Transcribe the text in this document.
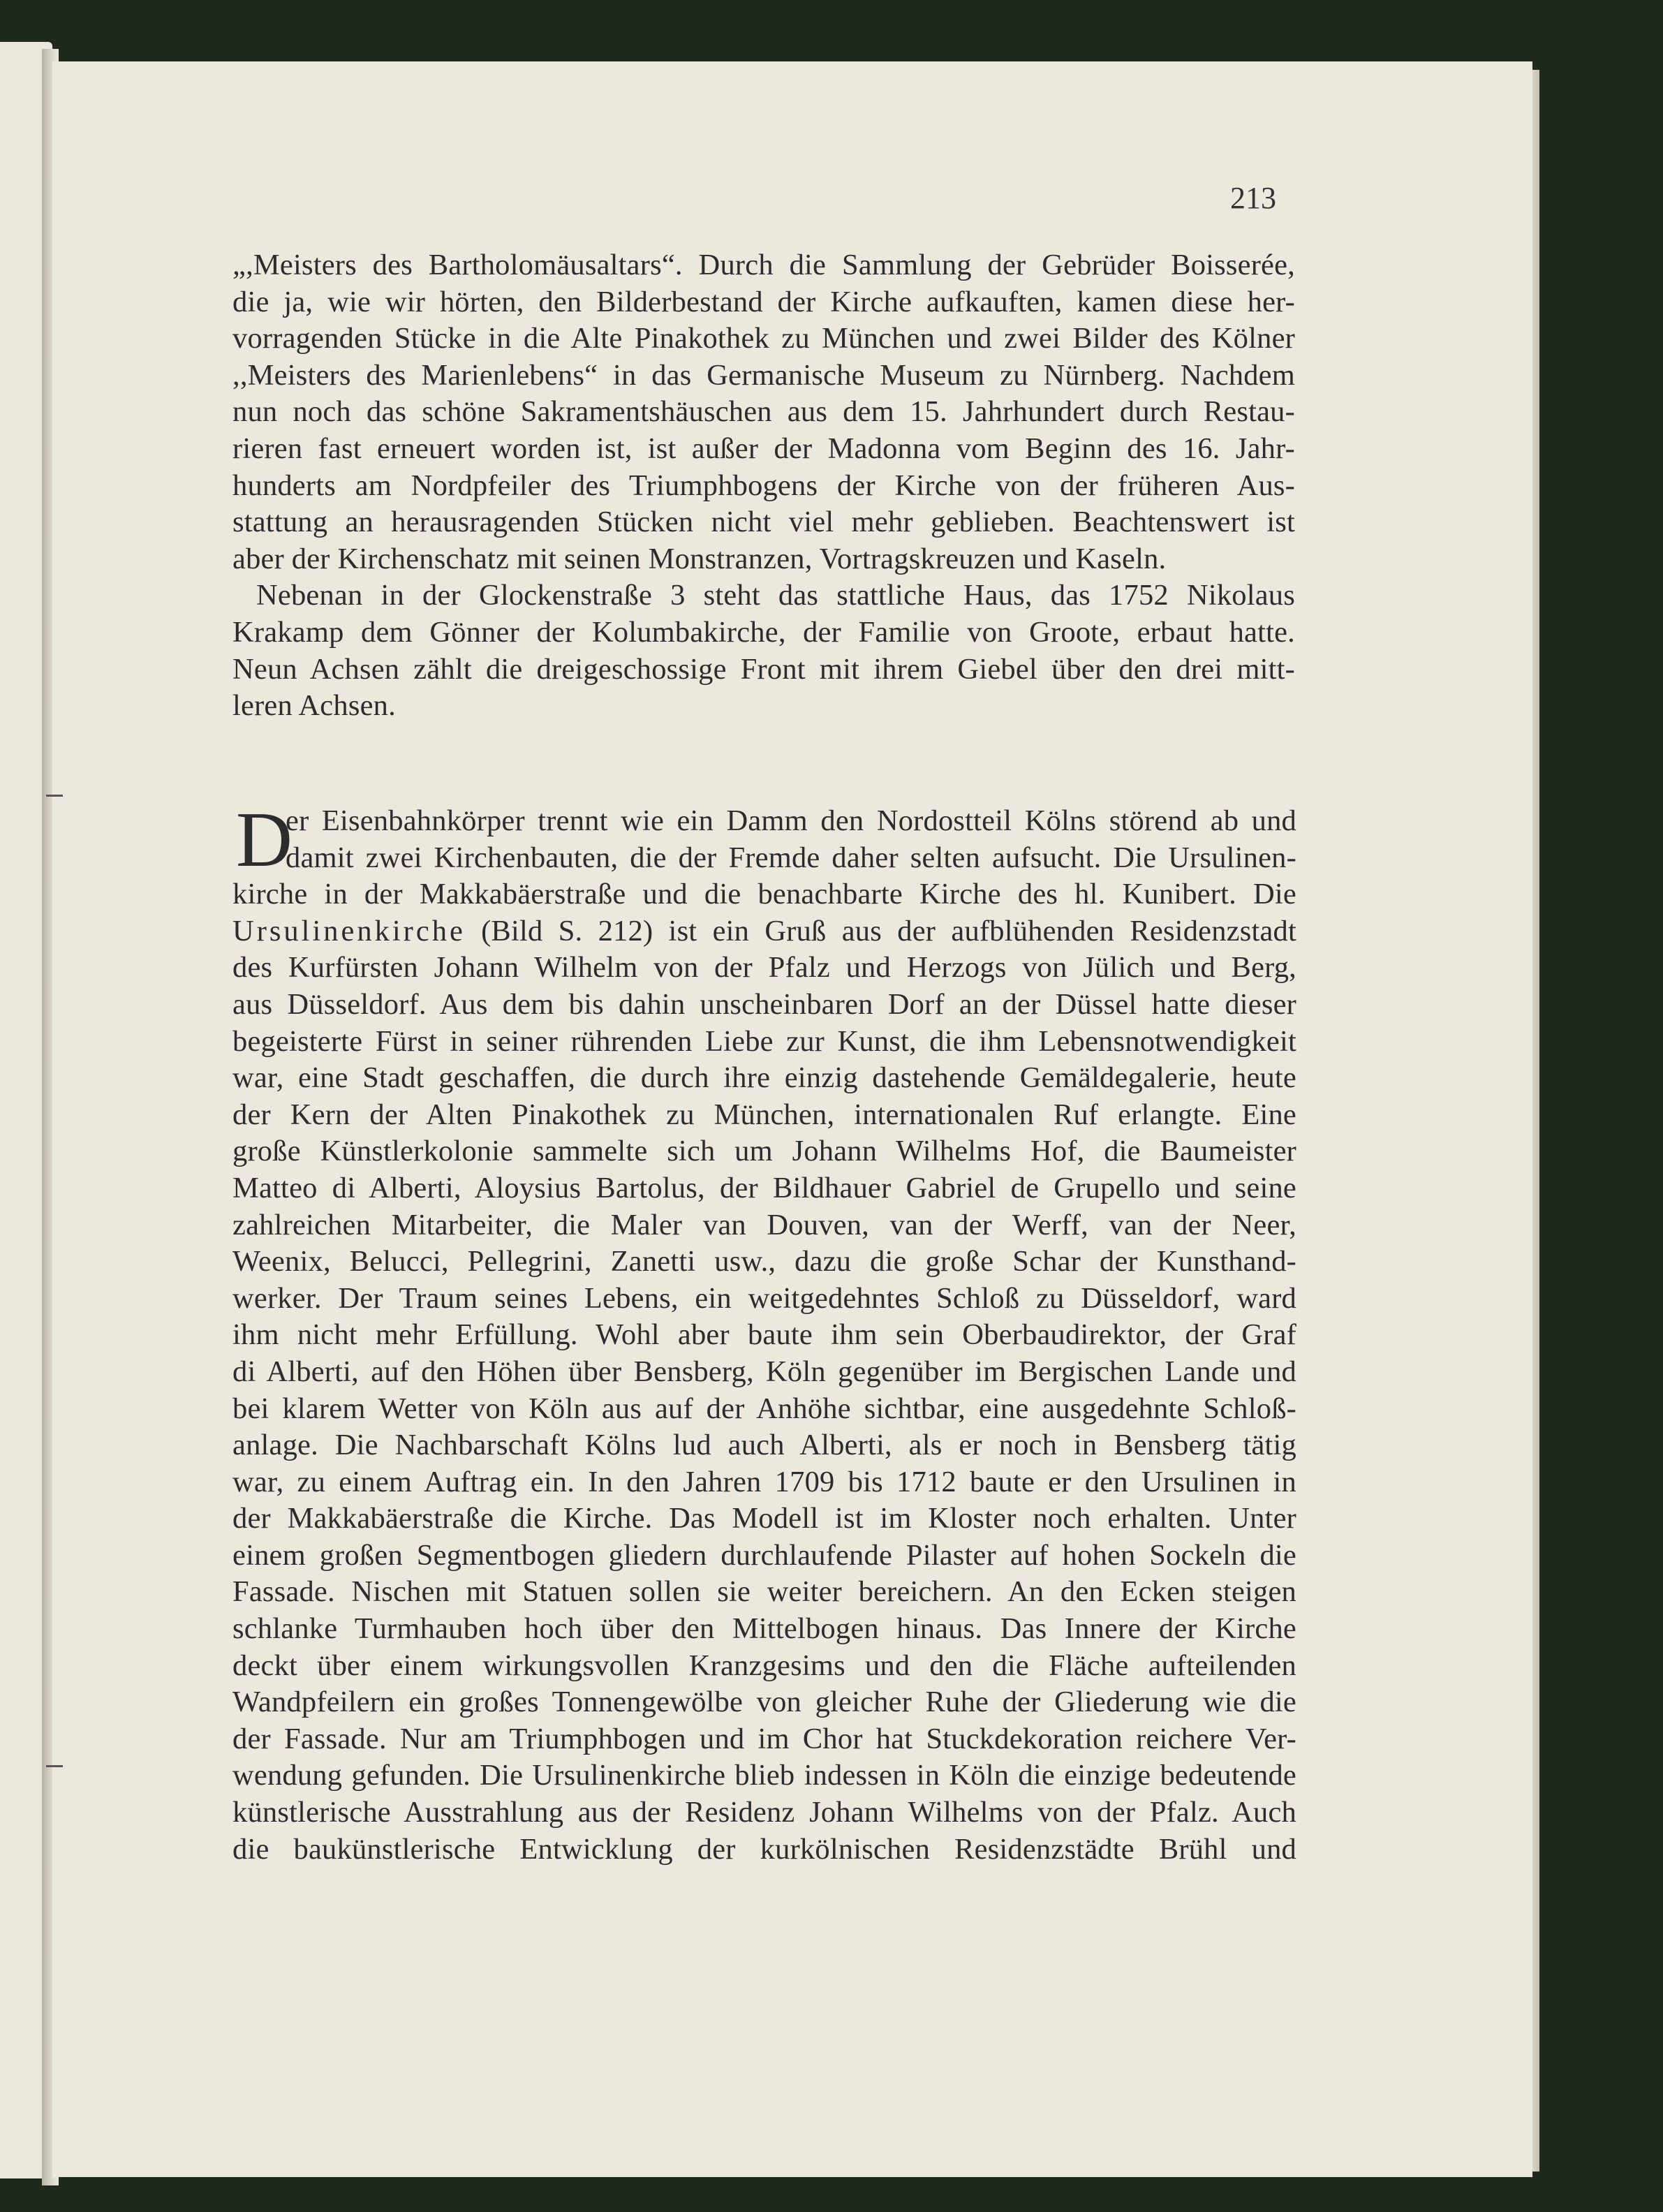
213

„,Meisters des Bartholomäusaltars“. Durch die Sammlung der Gebrüder Boisserée,
die ja, wie wir hörten, den Bilderbestand der Kirche aufkauften, kamen diese her-
vorragenden Stücke in die Alte Pinakothek zu München und zwei Bilder des Kölner
,,Meisters des Marienlebens“ in das Germanische Museum zu Nürnberg. Nachdem
nun noch das schöne Sakramentshäuschen aus dem 15. Jahrhundert durch Restau-
rieren fast erneuert worden ist, ist außer der Madonna vom Beginn des 16. Jahr-
hunderts am Nordpfeiler des Triumphbogens der Kirche von der früheren Aus-
stattung an herausragenden Stücken nicht viel mehr geblieben. Beachtenswert ist
aber der Kirchenschatz mit seinen Monstranzen, Vortragskreuzen und Kaseln.

Nebenan in der Glockenstraße 3 steht das stattliche Haus, das 1752 Nikolaus
Krakamp dem Gönner der Kolumbakirche, der Familie von Groote, erbaut hatte.
Neun Achsen zählt die dreigeschossige Front mit ihrem Giebel über den drei mitt-
leren Achsen.

D
er Eisenbahnkörper trennt wie ein Damm den Nordostteil Kölns störend ab und
damit zwei Kirchenbauten, die der Fremde daher selten aufsucht. Die Ursulinen-
kirche in der Makkabäerstraße und die benachbarte Kirche des hl. Kunibert. Die
Ursulinenkirche (Bild S. 212) ist ein Gruß aus der aufblühenden Residenzstadt
des Kurfürsten Johann Wilhelm von der Pfalz und Herzogs von Jülich und Berg,
aus Düsseldorf. Aus dem bis dahin unscheinbaren Dorf an der Düssel hatte dieser
begeisterte Fürst in seiner rührenden Liebe zur Kunst, die ihm Lebensnotwendigkeit
war, eine Stadt geschaffen, die durch ihre einzig dastehende Gemäldegalerie, heute
der Kern der Alten Pinakothek zu München, internationalen Ruf erlangte. Eine
große Künstlerkolonie sammelte sich um Johann Wilhelms Hof, die Baumeister
Matteo di Alberti, Aloysius Bartolus, der Bildhauer Gabriel de Grupello und seine
zahlreichen Mitarbeiter, die Maler van Douven, van der Werff, van der Neer,
Weenix, Belucci, Pellegrini, Zanetti usw., dazu die große Schar der Kunsthand-
werker. Der Traum seines Lebens, ein weitgedehntes Schloß zu Düsseldorf, ward
ihm nicht mehr Erfüllung. Wohl aber baute ihm sein Oberbaudirektor, der Graf
di Alberti, auf den Höhen über Bensberg, Köln gegenüber im Bergischen Lande und
bei klarem Wetter von Köln aus auf der Anhöhe sichtbar, eine ausgedehnte Schloß-
anlage. Die Nachbarschaft Kölns lud auch Alberti, als er noch in Bensberg tätig
war, zu einem Auftrag ein. In den Jahren 1709 bis 1712 baute er den Ursulinen in
der Makkabäerstraße die Kirche. Das Modell ist im Kloster noch erhalten. Unter
einem großen Segmentbogen gliedern durchlaufende Pilaster auf hohen Sockeln die
Fassade. Nischen mit Statuen sollen sie weiter bereichern. An den Ecken steigen
schlanke Turmhauben hoch über den Mittelbogen hinaus. Das Innere der Kirche
deckt über einem wirkungsvollen Kranzgesims und den die Fläche aufteilenden
Wandpfeilern ein großes Tonnengewölbe von gleicher Ruhe der Gliederung wie die
der Fassade. Nur am Triumphbogen und im Chor hat Stuckdekoration reichere Ver-
wendung gefunden. Die Ursulinenkirche blieb indessen in Köln die einzige bedeutende
künstlerische Ausstrahlung aus der Residenz Johann Wilhelms von der Pfalz. Auch
die baukünstlerische Entwicklung der kurkölnischen Residenzstädte Brühl und
